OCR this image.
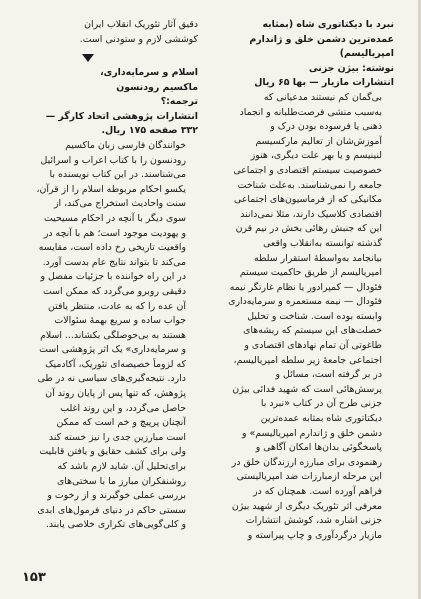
نبرد با دیکتاتوری شاه (بمثابه
عمده‌ترین دشمن خلق و ژاندارم
امپریالیسم)
نوشته: بیژن جزنی
انتشارات مازیار — بها ۶۵ ریال
بی‌گمان کم نیستند مدعیانی که
به‌سبب منشی فرصت‌طلبانه و انجماد
ذهنی یا فرسوده بودن درک و
آموزش‌شان از تعالیم مارکسیسم
لنینیسم و یا بهر علت دیگری، هنوز
خصوصیت سیستم اقتصادی و اجتماعی
جامعه را نمی‌شناسند. به‌علت شناخت
مکانیکی که از فرماسیون‌های اجتماعی
اقتصادی کلاسیک دارند، مثلا نمی‌دانند
این که جنبش رهائی بخش در نیم قرن
گذشته توانسته به‌انقلاب واقعی
بیانجامد به‌واسطهٔ استقرار سلطه
امپریالیسم از طریق حاکمیت سیستم
فئودال — کمپرادور یا نظام غارتگر نیمه
فئودال — نیمه مستعمره و سرمایه‌داری
وابسته بوده است. شناخت و تحلیل
خصلت‌های این سیستم که ریشه‌های
طاغوتی آن تمام نهادهای اقتصادی و
اجتماعی جامعهٔ زیر سلطه امپریالیسم،
در بر گرفته است، مسائل و
پرسش‌هائی است که شهید فدائی بیژن
جزنی طرح آن در کتاب «نبرد با
دیکتاتوری شاه بمثابه عمده‌ترین
دشمن خلق و ژاندارم امپریالیسم» و
پاسخگوئی بدان‌ها امکان آگاهی و
رهنمودی برای مبارزه ارزندگان خلق در
این مرحله ازمبارزات ضد امپریالیستی
فراهم آورده است. همچنان که در
معرفی اثر تئوریک دیگری از شهید بیژن
جزنی اشاره شد، کوشش انتشارات
مازیار درگردآوری و چاپ پیراسته و
دقیق آثار تئوریک انقلاب ایران
کوششی لازم و ستودنی است.
اسلام و سرمایه‌داری،
ماکسیم رودنسون
ترجمه:؟
انتشارات پژوهشی اتحاد کارگر —
۳۳۲ صفحه ۱۷۵ ریال.
خوانندگان فارسی زبان ماکسیم
رودنسون را با کتاب اعراب و اسرائیل
می‌شناسند. در این کتاب نویسنده با
یکسو احکام مربوطه اسلام را از قرآن،
سنت واحادیث استخراج می‌کند، از
سوی دیگر با آنچه در احکام مسیحیت
و یهودیت موجود است؛ هم با آنچه در
واقعیت تاریخی رخ داده است، مقایسه
می‌کند تا بتواند نتایج عام بدست آورد.
در این راه خواننده با جزئیات مفصل و
دقیقی روبرو می‌گردد که ممکن است
آن عده را که به عادت، منتظر یافتن
جواب ساده و سریع بهمهٔ سئوالات
هستند به بی‌حوصلگی بکشاند... اسلام
و سرمایه‌داری» یک اثر پژوهشی است
که لزوماً خصیصه‌ای تئوریک، آکادمیک
دارد. نتیجه‌گیری‌های سیاسی نه در طی
پژوهش، که تنها پس از پایان روند آن
حاصل می‌گردد، و این روند اغلب
آنچنان پرپیچ و خم است که ممکن
است مبارزین جدی را نیز خسته کند
ولی برای کشف حقایق و یافتن قابلیت
برای‌تحلیل آن. شاید لازم باشد که
روشنفکران مبارز ما با سختی‌های
بررسی عملی خوگیرند و از رخوت و
سستی حاکم در دنیای فرمول‌های ابدی
و کلی‌گویی‌های تکراری خلاصی یابند.
۱۵۳
